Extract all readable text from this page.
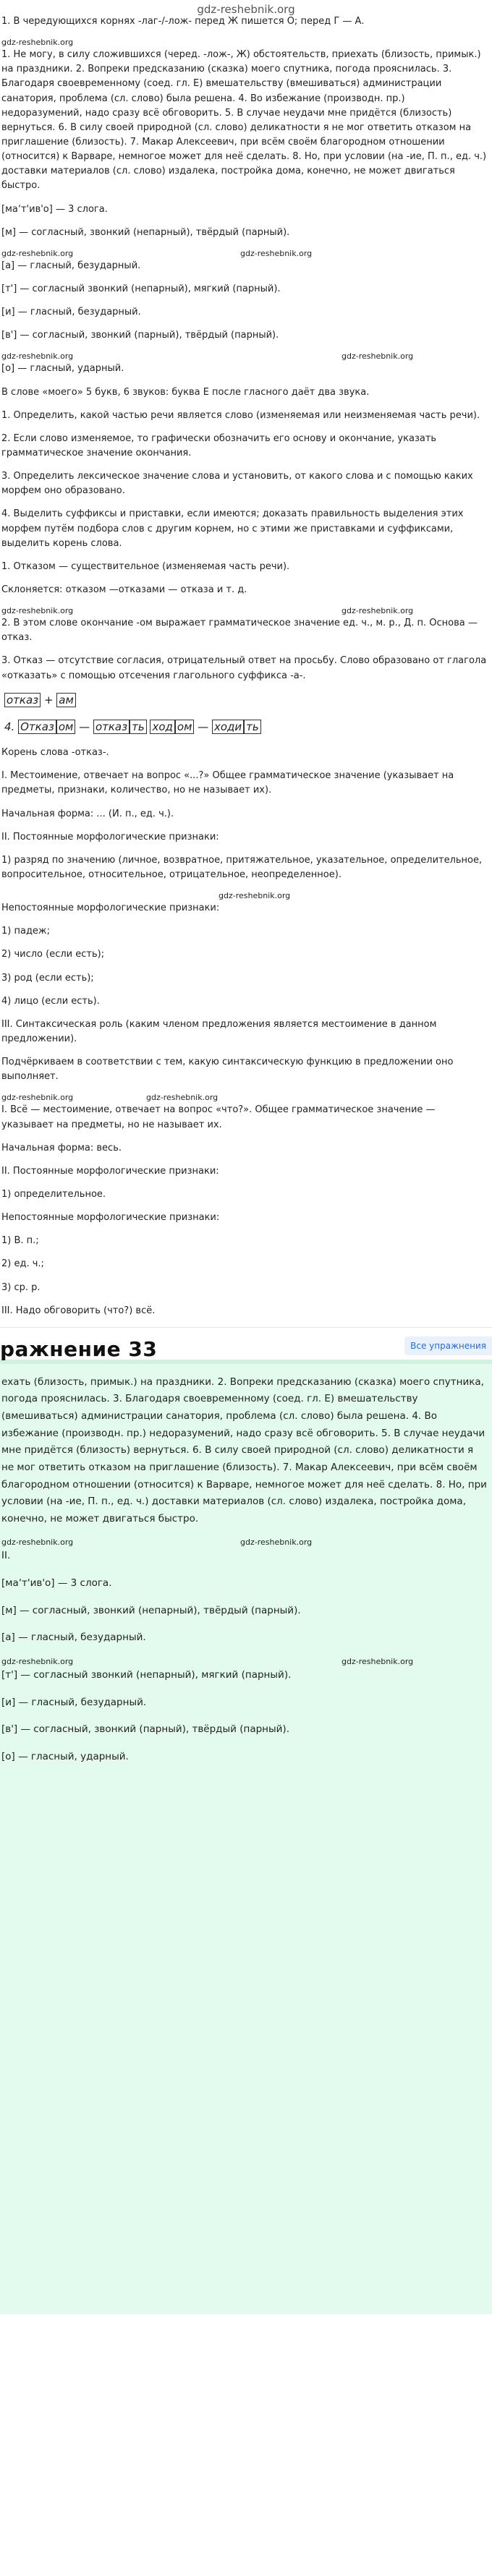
gdz-reshebnik.org

1. В чередующихся корнях -лаг-/-лож- перед Ж пишется О; перед Г — А.

gdz-reshebnik.org

1. Не могу, в силу сложившихся (черед. -лож-, Ж) обстоятельств, приехать (близость, примык.) на праздники. 2. Вопреки предсказанию (сказка) моего спутника, погода прояснилась. 3. Благодаря своевременному (соед. гл. Е) вмешательству (вмешиваться) администрации санатория, проблема (сл. слово) была решена. 4. Во избежание (производн. пр.) недоразумений, надо сразу всё обговорить. 5. В случае неудачи мне придётся (близость) вернуться. 6. В силу своей природной (сл. слово) деликатности я не мог ответить отказом на приглашение (близость). 7. Макар Алексеевич, при всём своём благородном отношении (относится) к Варваре, немногое может для неё сделать. 8. Но, при условии (на -ие, П. п., ед. ч.) доставки материалов (сл. слово) издалека, постройка дома, конечно, не может двигаться быстро.

[маʼт'ив'о] — 3 слога.

[м] — согласный, звонкий (непарный), твёрдый (парный).

gdz-reshebnik.org	gdz-reshebnik.org

[а] — гласный, безударный.

[т'] — согласный звонкий (непарный), мягкий (парный).

[и] — гласный, безударный.

[в'] — согласный, звонкий (парный), твёрдый (парный).

gdz-reshebnik.org	gdz-reshebnik.org

[о] — гласный, ударный.

В слове «моего» 5 букв, 6 звуков: буква Е после гласного даёт два звука.

1. Определить, какой частью речи является слово (изменяемая или неизменяемая часть речи).

2. Если слово изменяемое, то графически обозначить его основу и окончание, указать грамматическое значение окончания.

3. Определить лексическое значение слова и установить, от какого слова и с помощью каких морфем оно образовано.

4. Выделить суффиксы и приставки, если имеются; доказать правильность выделения этих морфем путём подбора слов с другим корнем, но с этими же приставками и суффиксами, выделить корень слова.

1. Отказом — существительное (изменяемая часть речи).

Склоняется: отказом —отказами — отказа и т. д.

gdz-reshebnik.org	gdz-reshebnik.org

2. В этом слове окончание -ом выражает грамматическое значение ед. ч., м. р., Д. п. Основа — отказ.

3. Отказ — отсутствие согласия, отрицательный ответ на просьбу. Слово образовано от глагола «отказать» с помощью отсечения глагольного суффикса -а-.

отказ + ам
4. Отказ ом — отказ ть ход ом — ходи ть

Корень слова -отказ-.

I. Местоимение, отвечает на вопрос «...?» Общее грамматическое значение (указывает на предметы, признаки, количество, но не называет их).

Начальная форма: ... (И. п., ед. ч.).

II. Постоянные морфологические признаки:

1) разряд по значению (личное, возвратное, притяжательное, указательное, определительное, вопросительное, относительное, отрицательное, неопределенное).

gdz-reshebnik.org

Непостоянные морфологические признаки:

1) падеж;

2) число (если есть);

3) род (если есть);

4) лицо (если есть).

III. Синтаксическая роль (каким членом предложения является местоимение в данном предложении).

Подчёркиваем в соответствии с тем, какую синтаксическую функцию в предложении оно выполняет.

gdz-reshebnik.org	gdz-reshebnik.org

I. Всё — местоимение, отвечает на вопрос «что?». Общее грамматическое значение — указывает на предметы, но не называет их.

Начальная форма: весь.

II. Постоянные морфологические признаки:

1) определительное.

Непостоянные морфологические признаки:

1) В. п.;

2) ед. ч.;

3) ср. р.

III. Надо обговорить (что?) всё.

ражнение 33	Все упражнения

ехать (близость, примык.) на праздники. 2. Вопреки предсказанию (сказка) моего спутника, погода прояснилась. 3. Благодаря своевременному (соед. гл. Е) вмешательству (вмешиваться) администрации санатория, проблема (сл. слово) была решена. 4. Во избежание (производн. пр.) недоразумений, надо сразу всё обговорить. 5. В случае неудачи мне придётся (близость) вернуться. 6. В силу своей природной (сл. слово) деликатности я не мог ответить отказом на приглашение (близость). 7. Макар Алексеевич, при всём своём благородном отношении (относится) к Варваре, немногое может для неё сделать. 8. Но, при условии (на -ие, П. п., ед. ч.) доставки материалов (сл. слово) издалека, постройка дома, конечно, не может двигаться быстро.

gdz-reshebnik.org	gdz-reshebnik.org

II.

[маʼт'ив'о] — 3 слога.

[м] — согласный, звонкий (непарный), твёрдый (парный).

[а] — гласный, безударный.

gdz-reshebnik.org	gdz-reshebnik.org

[т'] — согласный звонкий (непарный), мягкий (парный).

[и] — гласный, безударный.

[в'] — согласный, звонкий (парный), твёрдый (парный).

[о] — гласный, ударный.
